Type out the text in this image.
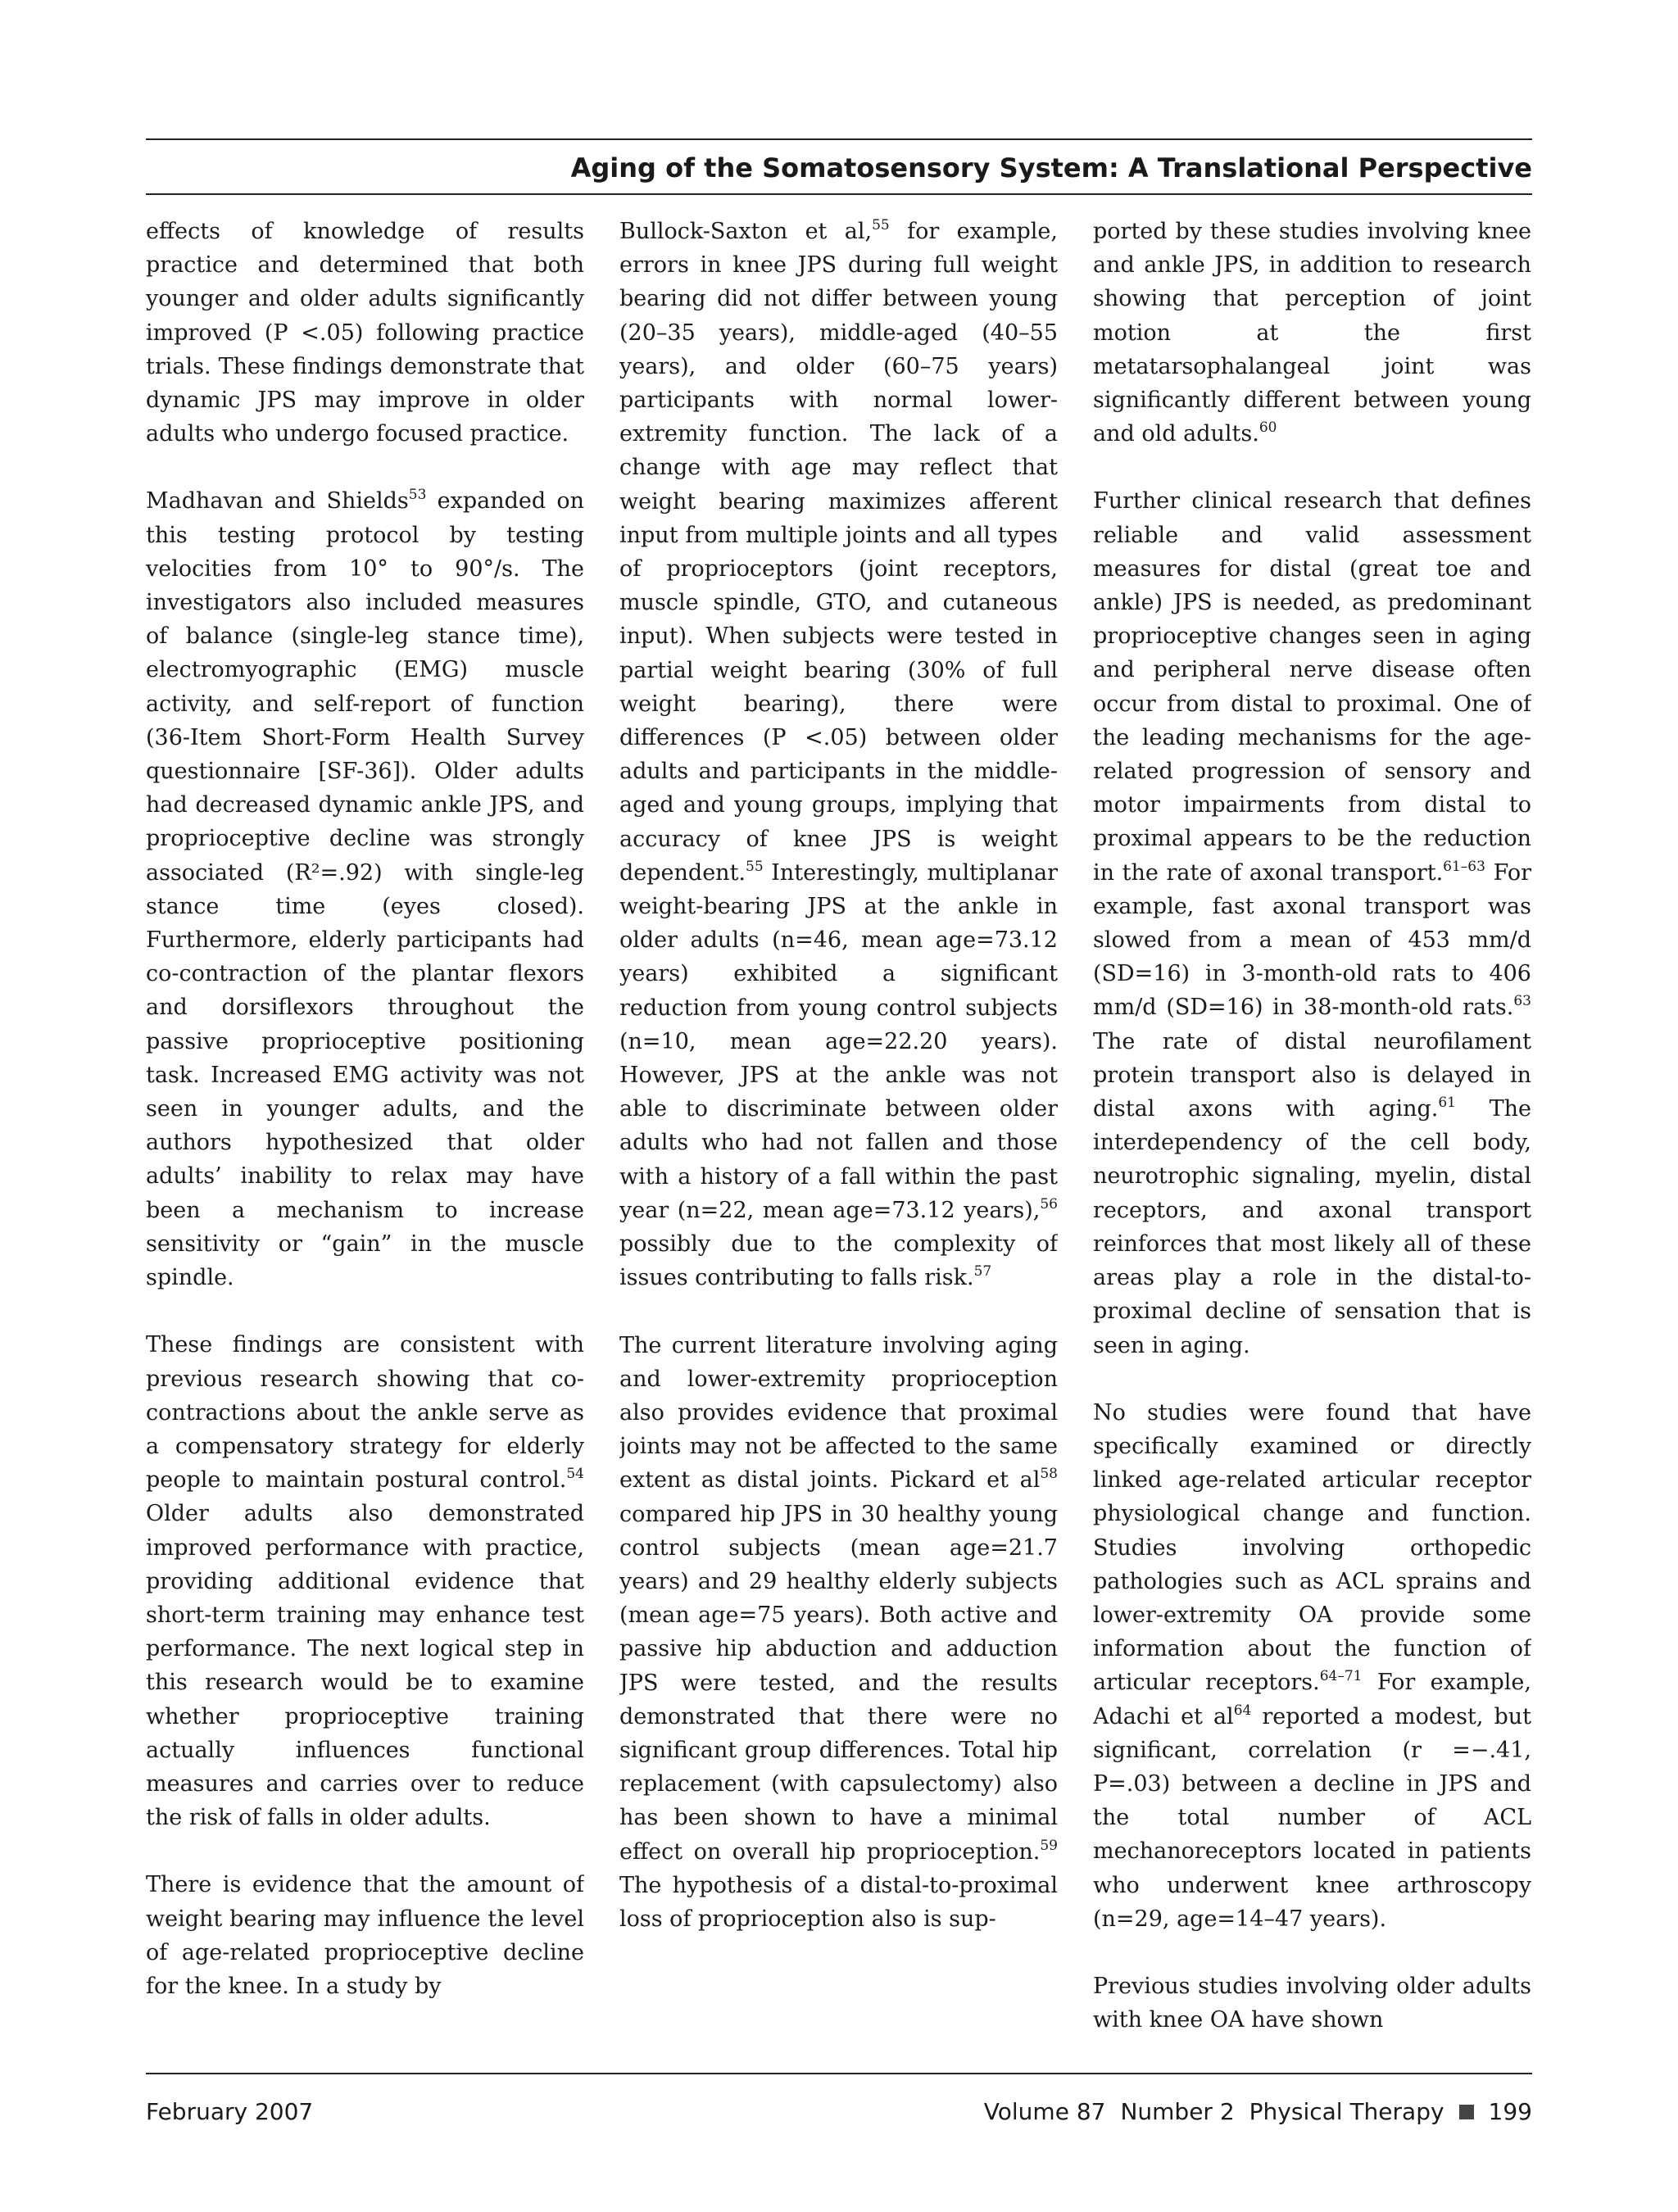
Aging of the Somatosensory System: A Translational Perspective

effects of knowledge of results practice and determined that both younger and older adults significantly improved (P <.05) following practice trials. These findings demonstrate that dynamic JPS may improve in older adults who undergo focused practice.

Madhavan and Shields$^{53}$ expanded on this testing protocol by testing velocities from 10° to 90°/s. The investigators also included measures of balance (single-leg stance time), electromyographic (EMG) muscle activity, and self-report of function (36-Item Short-Form Health Survey questionnaire [SF-36]). Older adults had decreased dynamic ankle JPS, and proprioceptive decline was strongly associated (R²=.92) with single-leg stance time (eyes closed). Furthermore, elderly participants had co-contraction of the plantar flexors and dorsiflexors throughout the passive proprioceptive positioning task. Increased EMG activity was not seen in younger adults, and the authors hypothesized that older adults’ inability to relax may have been a mechanism to increase sensitivity or “gain” in the muscle spindle.

These findings are consistent with previous research showing that co-contractions about the ankle serve as a compensatory strategy for elderly people to maintain postural control.$^{54}$ Older adults also demonstrated improved performance with practice, providing additional evidence that short-term training may enhance test performance. The next logical step in this research would be to examine whether proprioceptive training actually influences functional measures and carries over to reduce the risk of falls in older adults.

There is evidence that the amount of weight bearing may influence the level of age-related proprioceptive decline for the knee. In a study by

Bullock-Saxton et al,$^{55}$ for example, errors in knee JPS during full weight bearing did not differ between young (20–35 years), middle-aged (40–55 years), and older (60–75 years) participants with normal lower-extremity function. The lack of a change with age may reflect that weight bearing maximizes afferent input from multiple joints and all types of proprioceptors (joint receptors, muscle spindle, GTO, and cutaneous input). When subjects were tested in partial weight bearing (30% of full weight bearing), there were differences (P <.05) between older adults and participants in the middle-aged and young groups, implying that accuracy of knee JPS is weight dependent.$^{55}$ Interestingly, multiplanar weight-bearing JPS at the ankle in older adults (n=46, mean age=73.12 years) exhibited a significant reduction from young control subjects (n=10, mean age=22.20 years). However, JPS at the ankle was not able to discriminate between older adults who had not fallen and those with a history of a fall within the past year (n=22, mean age=73.12 years),$^{56}$ possibly due to the complexity of issues contributing to falls risk.$^{57}$

The current literature involving aging and lower-extremity proprioception also provides evidence that proximal joints may not be affected to the same extent as distal joints. Pickard et $al^{58}$ compared hip JPS in 30 healthy young control subjects (mean age=21.7 years) and 29 healthy elderly subjects (mean age=75 years). Both active and passive hip abduction and adduction JPS were tested, and the results demonstrated that there were no significant group differences. Total hip replacement (with capsulectomy) also has been shown to have a minimal effect on overall hip proprioception.$^{59}$ The hypothesis of a distal-to-proximal loss of proprioception also is sup-

ported by these studies involving knee and ankle JPS, in addition to research showing that perception of joint motion at the first metatarsophalangeal joint was significantly different between young and old adults.$^{60}$

Further clinical research that defines reliable and valid assessment measures for distal (great toe and ankle) JPS is needed, as predominant proprioceptive changes seen in aging and peripheral nerve disease often occur from distal to proximal. One of the leading mechanisms for the age-related progression of sensory and motor impairments from distal to proximal appears to be the reduction in the rate of axonal transport.$^{61-63}$ For example, fast axonal transport was slowed from a mean of 453 mm/d (SD=16) in 3-month-old rats to 406 mm/d (SD=16) in 38-month-old rats.$^{63}$ The rate of distal neurofilament protein transport also is delayed in distal axons with aging.$^{61}$ The interdependency of the cell body, neurotrophic signaling, myelin, distal receptors, and axonal transport reinforces that most likely all of these areas play a role in the distal-to-proximal decline of sensation that is seen in aging.

No studies were found that have specifically examined or directly linked age-related articular receptor physiological change and function. Studies involving orthopedic pathologies such as ACL sprains and lower-extremity OA provide some information about the function of articular receptors.$^{64-71}$ For example, Adachi et $al^{64}$ reported a modest, but significant, correlation (r =−.41, P=.03) between a decline in JPS and the total number of ACL mechanoreceptors located in patients who underwent knee arthroscopy (n=29, age=14–47 years).

Previous studies involving older adults with knee OA have shown

February 2007	Volume 87 Number 2 Physical Therapy 199
